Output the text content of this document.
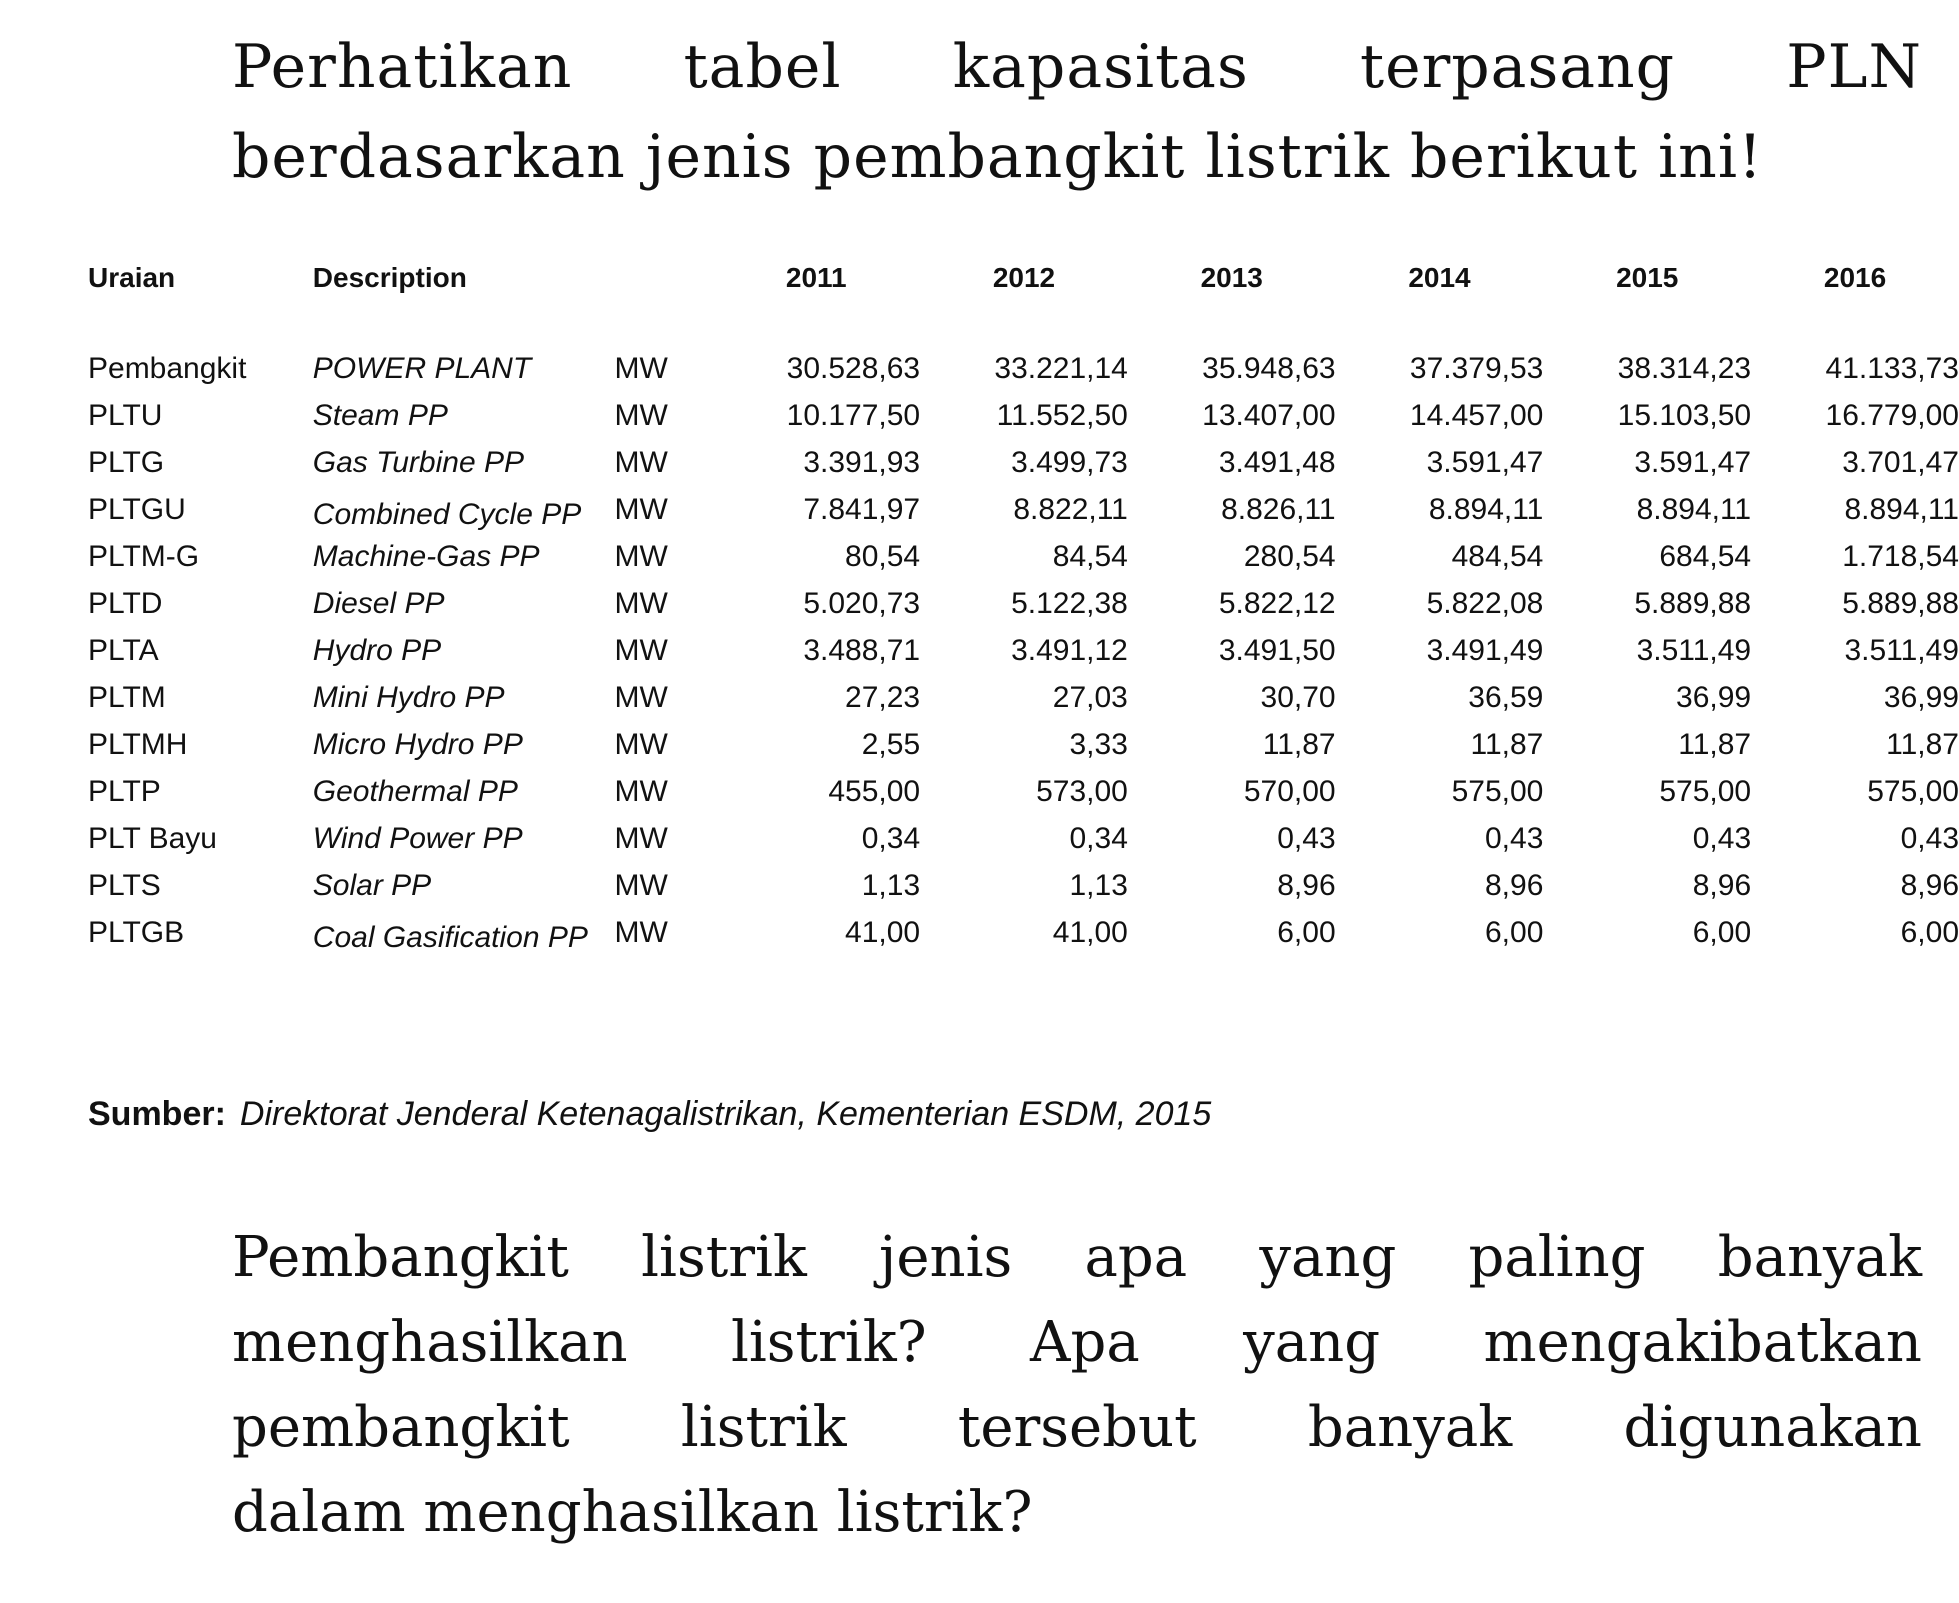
Perhatikan tabel kapasitas terpasang PLN
berdasarkan jenis pembangkit listrik berikut ini!
Uraian	Description		2011	2012	2013	2014	2015	2016
Pembangkit	POWER PLANT	MW	30.528,63	33.221,14	35.948,63	37.379,53	38.314,23	41.133,73
PLTU	Steam PP	MW	10.177,50	11.552,50	13.407,00	14.457,00	15.103,50	16.779,00
PLTG	Gas Turbine PP	MW	3.391,93	3.499,73	3.491,48	3.591,47	3.591,47	3.701,47
PLTGU	Combined Cycle PP	MW	7.841,97	8.822,11	8.826,11	8.894,11	8.894,11	8.894,11
PLTM-G	Machine-Gas PP	MW	80,54	84,54	280,54	484,54	684,54	1.718,54
PLTD	Diesel PP	MW	5.020,73	5.122,38	5.822,12	5.822,08	5.889,88	5.889,88
PLTA	Hydro PP	MW	3.488,71	3.491,12	3.491,50	3.491,49	3.511,49	3.511,49
PLTM	Mini Hydro PP	MW	27,23	27,03	30,70	36,59	36,99	36,99
PLTMH	Micro Hydro PP	MW	2,55	3,33	11,87	11,87	11,87	11,87
PLTP	Geothermal PP	MW	455,00	573,00	570,00	575,00	575,00	575,00
PLT Bayu	Wind Power PP	MW	0,34	0,34	0,43	0,43	0,43	0,43
PLTS	Solar PP	MW	1,13	1,13	8,96	8,96	8,96	8,96
PLTGB	Coal Gasification PP	MW	41,00	41,00	6,00	6,00	6,00	6,00
Sumber: Direktorat Jenderal Ketenagalistrikan, Kementerian ESDM, 2015
Pembangkit listrik jenis apa yang paling banyak
menghasilkan listrik? Apa yang mengakibatkan
pembangkit listrik tersebut banyak digunakan
dalam menghasilkan listrik?
